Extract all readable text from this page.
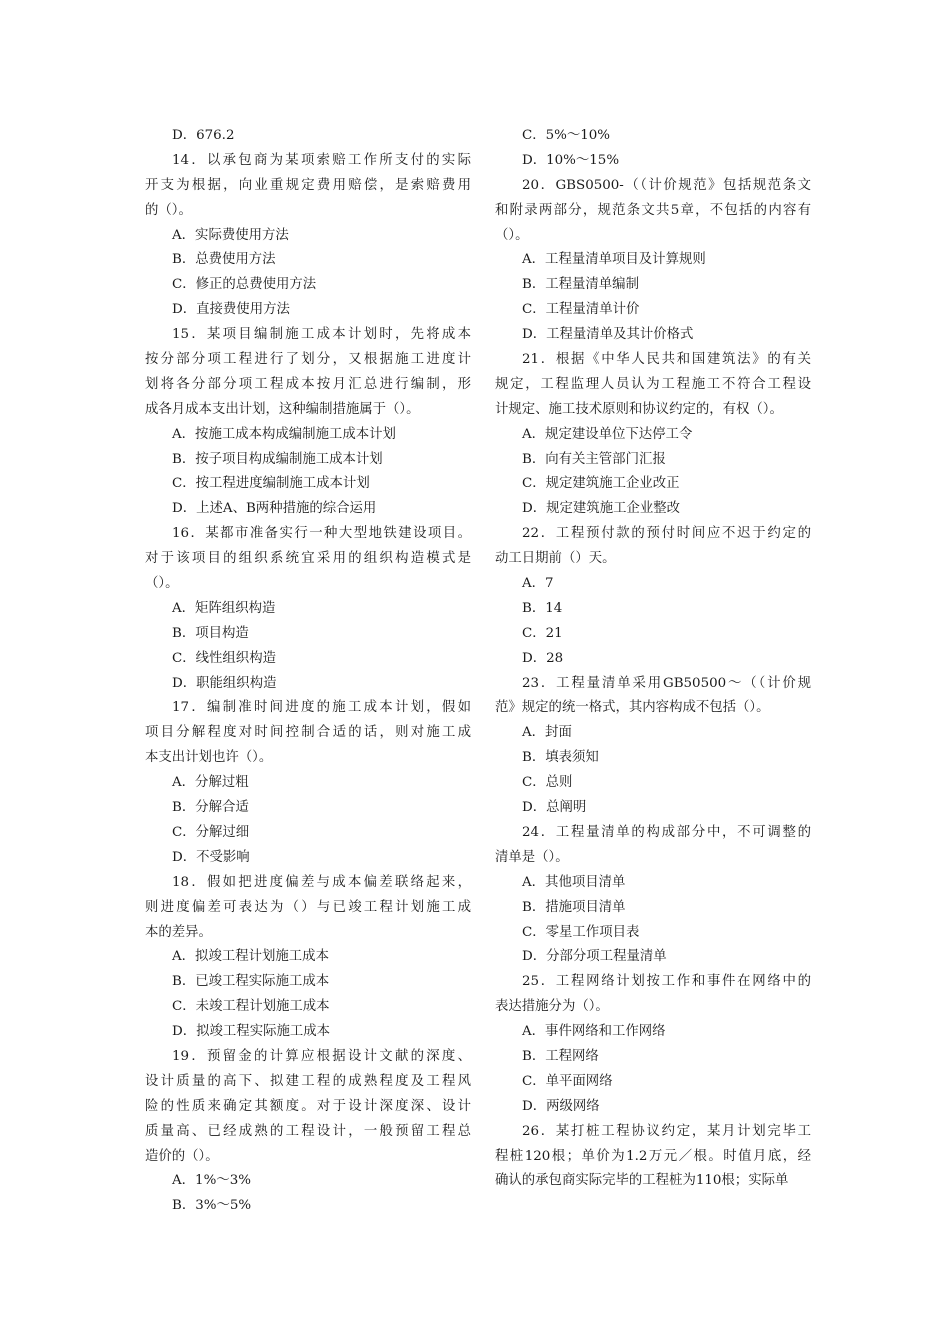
D．676.2
14．以承包商为某项索赔工作所支付的实际
开支为根据，向业重规定费用赔偿，是索赔费用
的（）。
A．实际费使用方法
B．总费使用方法
C．修正的总费使用方法
D．直接费使用方法
15．某项目编制施工成本计划时，先将成本
按分部分项工程进行了划分，又根据施工进度计
划将各分部分项工程成本按月汇总进行编制，形
成各月成本支出计划，这种编制措施属于（）。
A．按施工成本构成编制施工成本计划
B．按子项目构成编制施工成本计划
C．按工程进度编制施工成本计划
D．上述A、B两种措施的综合运用
16．某都市准备实行一种大型地铁建设项目。
对于该项目的组织系统宜采用的组织构造模式是
（）。
A．矩阵组织构造
B．项目构造
C．线性组织构造
D．职能组织构造
17．编制准时间进度的施工成本计划，假如
项目分解程度对时间控制合适的话，则对施工成
本支出计划也许（）。
A．分解过粗
B．分解合适
C．分解过细
D．不受影响
18．假如把进度偏差与成本偏差联络起来，
则进度偏差可表达为（）与已竣工程计划施工成
本的差异。
A．拟竣工程计划施工成本
B．已竣工程实际施工成本
C．未竣工程计划施工成本
D．拟竣工程实际施工成本
19．预留金的计算应根据设计文献的深度、
设计质量的高下、拟建工程的成熟程度及工程风
险的性质来确定其额度。对于设计深度深、设计
质量高、已经成熟的工程设计，一般预留工程总
造价的（）。
A．1%～3%
B．3%～5%
C．5%～10%
D．10%～15%
20．GBS0500-（（计价规范》包括规范条文
和附录两部分，规范条文共5章，不包括的内容有
（）。
A．工程量清单项目及计算规则
B．工程量清单编制
C．工程量清单计价
D．工程量清单及其计价格式
21．根据《中华人民共和国建筑法》的有关
规定，工程监理人员认为工程施工不符合工程设
计规定、施工技术原则和协议约定的，有权（）。
A．规定建设单位下达停工令
B．向有关主管部门汇报
C．规定建筑施工企业改正
D．规定建筑施工企业整改
22．工程预付款的预付时间应不迟于约定的
动工日期前（）天。
A．7
B．14
C．21
D．28
23．工程量清单采用GB50500～（（计价规
范》规定的统一格式，其内容构成不包括（）。
A．封面
B．填表须知
C．总则
D．总阐明
24．工程量清单的构成部分中，不可调整的
清单是（）。
A．其他项目清单
B．措施项目清单
C．零星工作项目表
D．分部分项工程量清单
25．工程网络计划按工作和事件在网络中的
表达措施分为（）。
A．事件网络和工作网络
B．工程网络
C．单平面网络
D．两级网络
26．某打桩工程协议约定，某月计划完毕工
程桩120根；单价为1.2万元／根。时值月底，经
确认的承包商实际完毕的工程桩为110根；实际单
